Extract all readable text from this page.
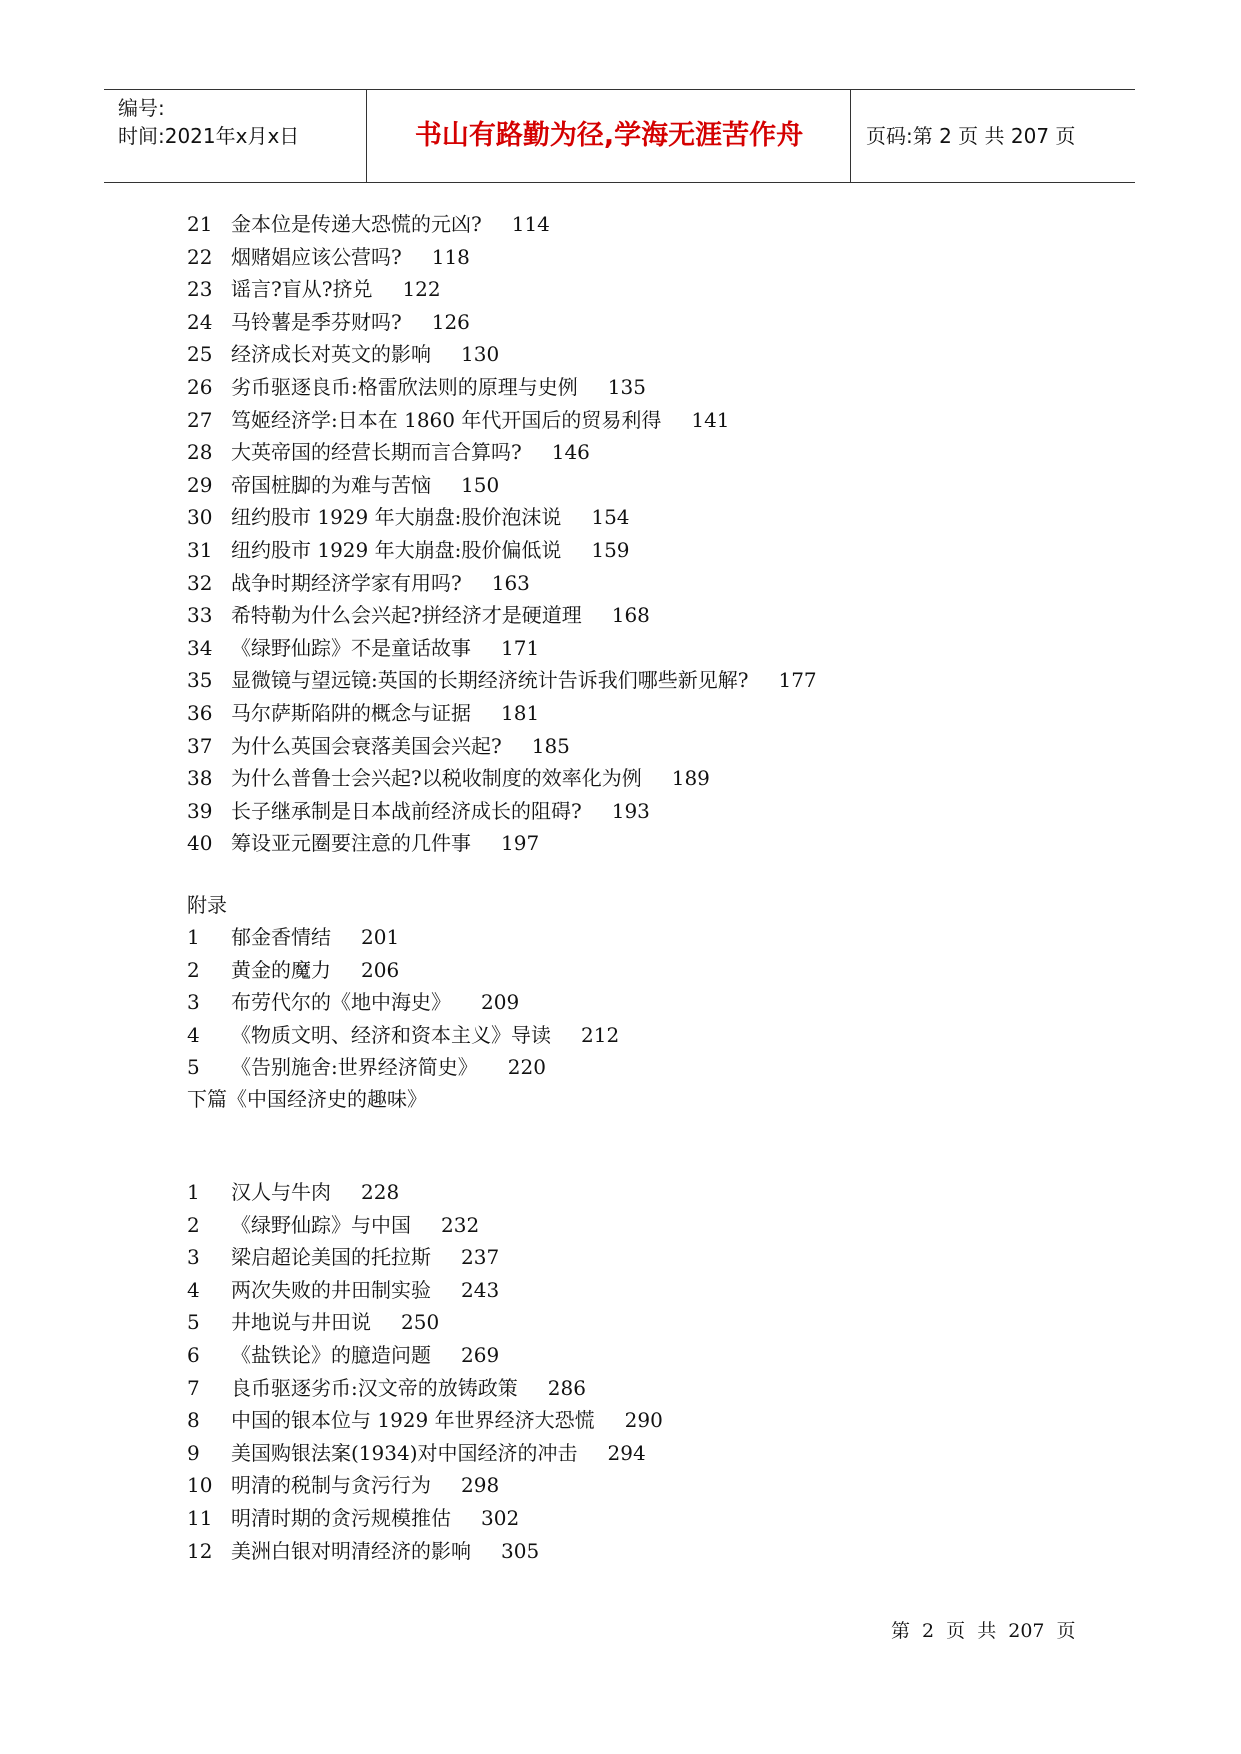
编号:
时间:2021年x月x日	书山有路勤为径,学海无涯苦作舟	页码:第 2 页 共 207 页
21 金本位是传递大恐慌的元凶? 114
22 烟赌娼应该公营吗? 118
23 谣言?盲从?挤兑 122
24 马铃薯是季芬财吗? 126
25 经济成长对英文的影响 130
26 劣币驱逐良币:格雷欣法则的原理与史例 135
27 笃姬经济学:日本在 1860 年代开国后的贸易利得 141
28 大英帝国的经营长期而言合算吗? 146
29 帝国桩脚的为难与苦恼 150
30 纽约股市 1929 年大崩盘:股价泡沫说 154
31 纽约股市 1929 年大崩盘:股价偏低说 159
32 战争时期经济学家有用吗? 163
33 希特勒为什么会兴起?拼经济才是硬道理 168
34 《绿野仙踪》不是童话故事 171
35 显微镜与望远镜:英国的长期经济统计告诉我们哪些新见解? 177
36 马尔萨斯陷阱的概念与证据 181
37 为什么英国会衰落美国会兴起? 185
38 为什么普鲁士会兴起?以税收制度的效率化为例 189
39 长子继承制是日本战前经济成长的阻碍? 193
40 筹设亚元圈要注意的几件事 197
附录
1 郁金香情结 201
2 黄金的魔力 206
3 布劳代尔的《地中海史》 209
4 《物质文明、经济和资本主义》导读 212
5 《告别施舍:世界经济简史》 220
下篇《中国经济史的趣味》
1 汉人与牛肉 228
2 《绿野仙踪》与中国 232
3 梁启超论美国的托拉斯 237
4 两次失败的井田制实验 243
5 井地说与井田说 250
6 《盐铁论》的臆造问题 269
7 良币驱逐劣币:汉文帝的放铸政策 286
8 中国的银本位与 1929 年世界经济大恐慌 290
9 美国购银法案(1934)对中国经济的冲击 294
10 明清的税制与贪污行为 298
11 明清时期的贪污规模推估 302
12 美洲白银对明清经济的影响 305
第 2 页 共 207 页
